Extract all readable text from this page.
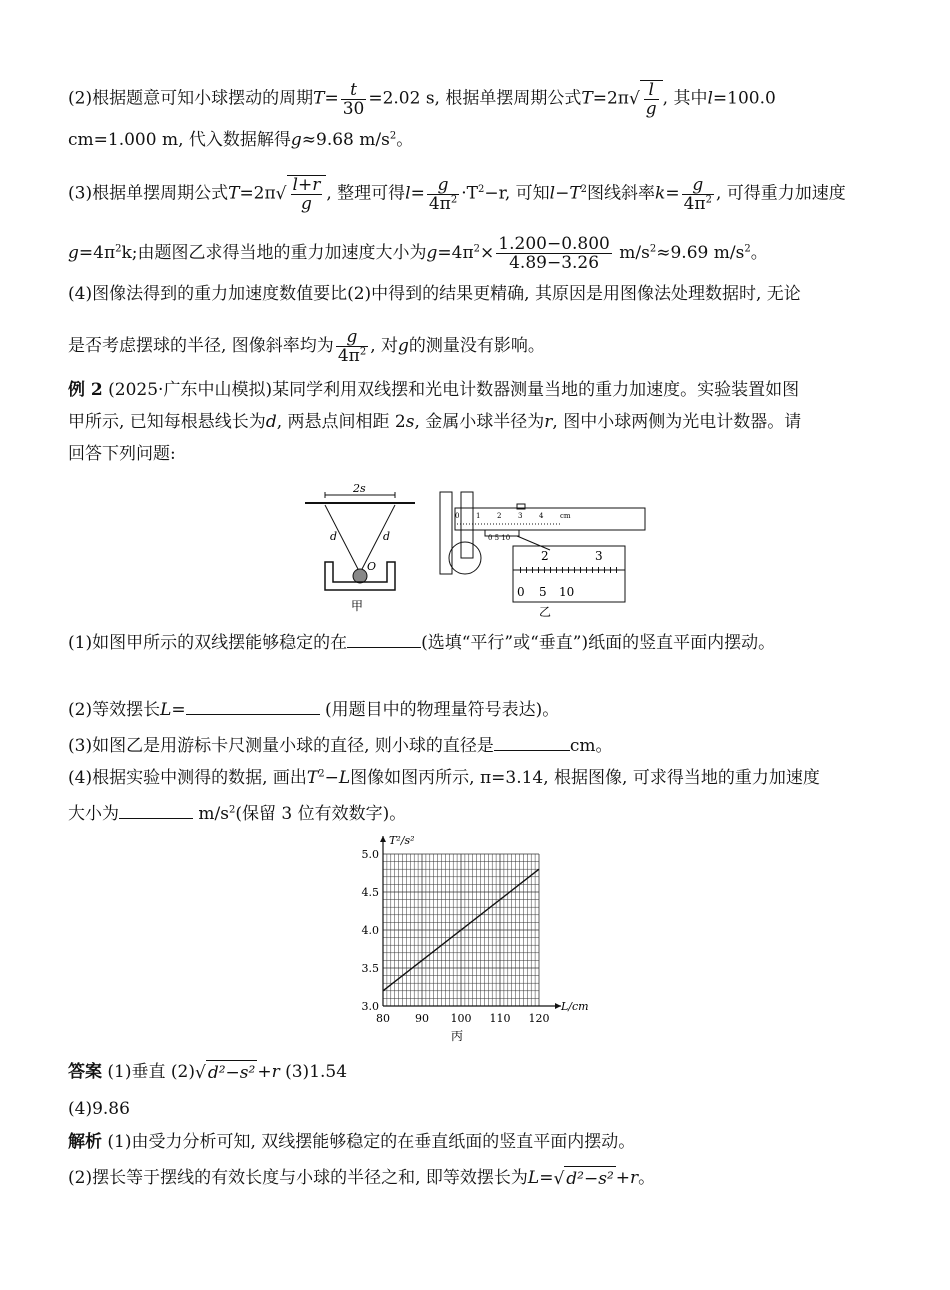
(2)根据题意可知小球摆动的周期$T= \frac{t}{30} =2.02$ s, 根据单摆周期公式$T=2\pi√ \frac{l}{g}$ , 其中l=100.0
cm=1.000 m, 代入数据解得g≈9.68 $m/s^2$。
(3)根据单摆周期公式$T=2\pi√ \frac{l+r}{g}$ , 整理可得$l= \frac{g}{4\pi^2} \cdot T^2-r$, 可知$l-T^2$图线斜率$k= \frac{g}{4\pi^2}$ , 可得重力加速度
$g=4\pi^2k$;由题图乙求得当地的重力加速度大小为$g=4\pi^2\times \frac{1.200-0.800}{4.89-3.26} m/s^2\approx 9.69$ $m/s^2$。
(4)图像法得到的重力加速度数值要比(2)中得到的结果更精确, 其原因是用图像法处理数据时, 无论
是否考虑摆球的半径, 图像斜率均为 $\frac{g}{4\pi^2}$ , 对g的测量没有影响。
例 2 (2025·广东中山模拟)某同学利用双线摆和光电计数器测量当地的重力加速度。实验装置如图
甲所示, 已知每根悬线长为d, 两悬点间相距 2s, 金属小球半径为r, 图中小球两侧为光电计数器。请
回答下列问题:
2s
d	d
O
甲
0 1 2 3 4 cm
0 5 10
2	3
0 5 10
乙
(1)如图甲所示的双线摆能够稳定的在	(选填“平行”或“垂直”)纸面的竖直平面内摆动。
(2)等效摆长L=	(用题目中的物理量符号表达)。
(3)如图乙是用游标卡尺测量小球的直径, 则小球的直径是	cm。
(4)根据实验中测得的数据, 画出$T^2-L$图像如图丙所示, π=3.14, 根据图像, 可求得当地的重力加速度
大小为	$m/s^2$(保留 3 位有效数字)。
T²/s²
L/cm
80 90 100 110 120
3.0
3.5
4.0
4.5
5.0
丙
答案 (1)垂直 (2)√ d²−s² +r (3)1.54
(4)9.86
解析 (1)由受力分析可知, 双线摆能够稳定的在垂直纸面的竖直平面内摆动。
(2)摆长等于摆线的有效长度与小球的半径之和, 即等效摆长为L=√ d²−s² +r。
